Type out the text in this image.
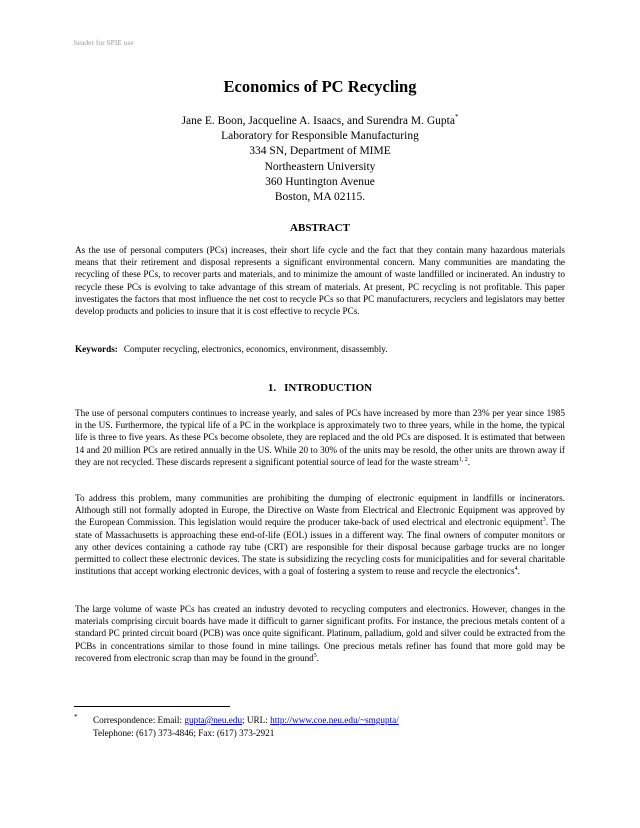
header for SPIE use
Economics of PC Recycling
Jane E. Boon, Jacqueline A. Isaacs, and Surendra M. Gupta*
Laboratory for Responsible Manufacturing
334 SN, Department of MIME
Northeastern University
360 Huntington Avenue
Boston, MA 02115.
ABSTRACT
As the use of personal computers (PCs) increases, their short life cycle and the fact that they contain many hazardous materials means that their retirement and disposal represents a significant environmental concern. Many communities are mandating the recycling of these PCs, to recover parts and materials, and to minimize the amount of waste landfilled or incinerated. An industry to recycle these PCs is evolving to take advantage of this stream of materials. At present, PC recycling is not profitable. This paper investigates the factors that most influence the net cost to recycle PCs so that PC manufacturers, recyclers and legislators may better develop products and policies to insure that it is cost effective to recycle PCs.
Keywords: Computer recycling, electronics, economics, environment, disassembly.
1. INTRODUCTION
The use of personal computers continues to increase yearly, and sales of PCs have increased by more than 23% per year since 1985 in the US. Furthermore, the typical life of a PC in the workplace is approximately two to three years, while in the home, the typical life is three to five years. As these PCs become obsolete, they are replaced and the old PCs are disposed. It is estimated that between 14 and 20 million PCs are retired annually in the US. While 20 to 30% of the units may be resold, the other units are thrown away if they are not recycled. These discards represent a significant potential source of lead for the waste stream$^{1, 2}$.
To address this problem, many communities are prohibiting the dumping of electronic equipment in landfills or incinerators. Although still not formally adopted in Europe, the Directive on Waste from Electrical and Electronic Equipment was approved by the European Commission. This legislation would require the producer take-back of used electrical and electronic equipment$^3$. The state of Massachusetts is approaching these end-of-life (EOL) issues in a different way. The final owners of computer monitors or any other devices containing a cathode ray tube (CRT) are responsible for their disposal because garbage trucks are no longer permitted to collect these electronic devices. The state is subsidizing the recycling costs for municipalities and for several charitable institutions that accept working electronic devices, with a goal of fostering a system to reuse and recycle the electronics$^4$.
The large volume of waste PCs has created an industry devoted to recycling computers and electronics. However, changes in the materials comprising circuit boards have made it difficult to garner significant profits. For instance, the precious metals content of a standard PC printed circuit board (PCB) was once quite significant. Platinum, palladium, gold and silver could be extracted from the PCBs in concentrations similar to those found in mine tailings. One precious metals refiner has found that more gold may be recovered from electronic scrap than may be found in the ground$^5$.
* Correspondence: Email: gupta@neu.edu; URL: http://www.coe.neu.edu/~smgupta/
Telephone: (617) 373-4846; Fax: (617) 373-2921
